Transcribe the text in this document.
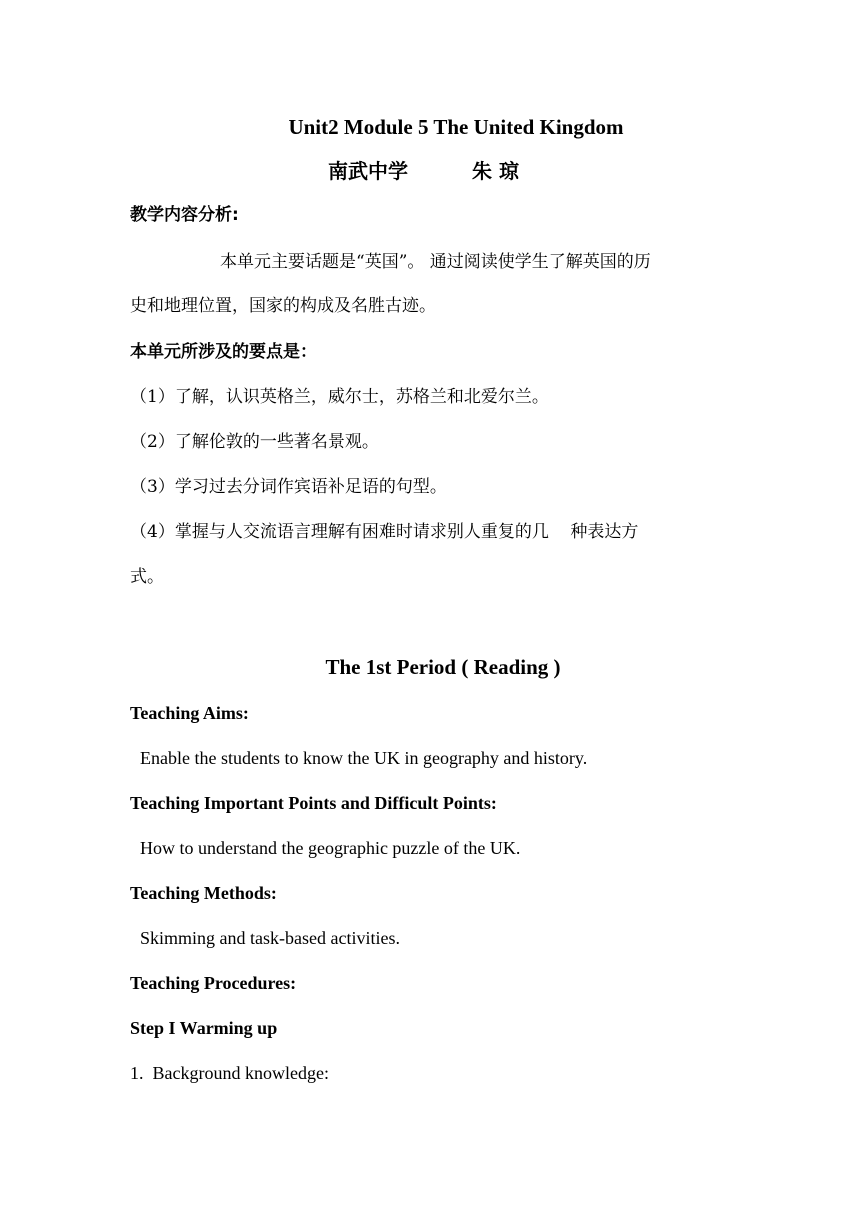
Unit2 Module 5 The United Kingdom
南武中学	朱 琼
教学内容分析:
本单元主要话题是“英国”。 通过阅读使学生了解英国的历
史和地理位置，国家的构成及名胜古迹。
本单元所涉及的要点是：
（1）了解，认识英格兰，威尔士，苏格兰和北爱尔兰。
（2）了解伦敦的一些著名景观。
（3）学习过去分词作宾语补足语的句型。
（4）掌握与人交流语言理解有困难时请求别人重复的几    种表达方
式。
The 1st Period ( Reading )
Teaching Aims:
Enable the students to know the UK in geography and history.
Teaching Important Points and Difficult Points:
How to understand the geographic puzzle of the UK.
Teaching Methods:
Skimming and task-based activities.
Teaching Procedures:
Step I Warming up
1.  Background knowledge:
